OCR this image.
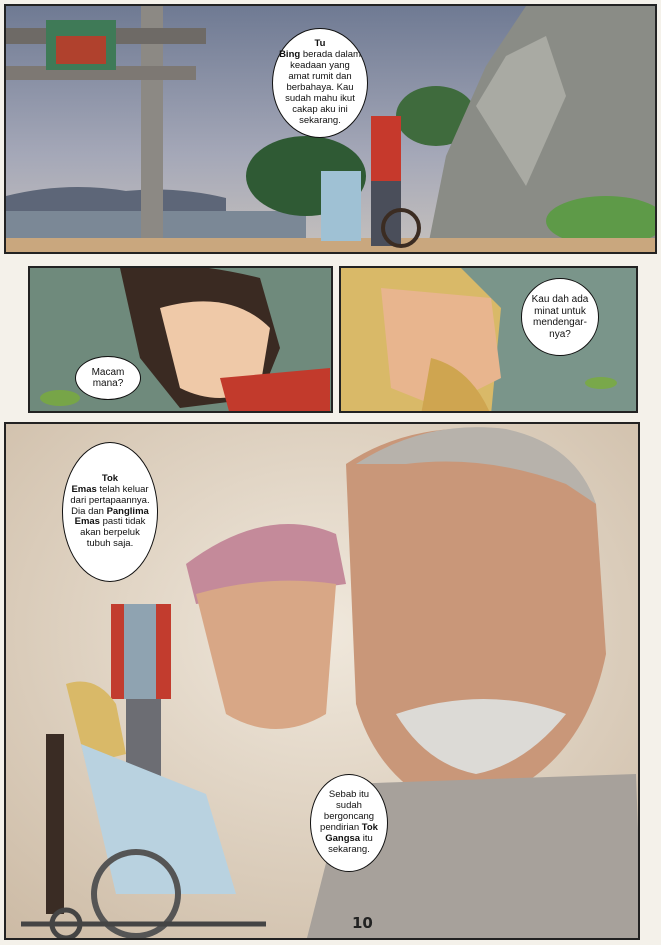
Tu
Bing berada dalam keadaan yang amat rumit dan berbahaya. Kau sudah mahu ikut cakap aku ini sekarang.
Macam mana?
Kau dah ada minat untuk mendengar-nya?
Tok
Emas telah keluar dari pertapaannya. Dia dan Panglima Emas pasti tidak akan berpeluk tubuh saja.
Sebab itu sudah bergoncang pendirian Tok Gangsa itu sekarang.
10
